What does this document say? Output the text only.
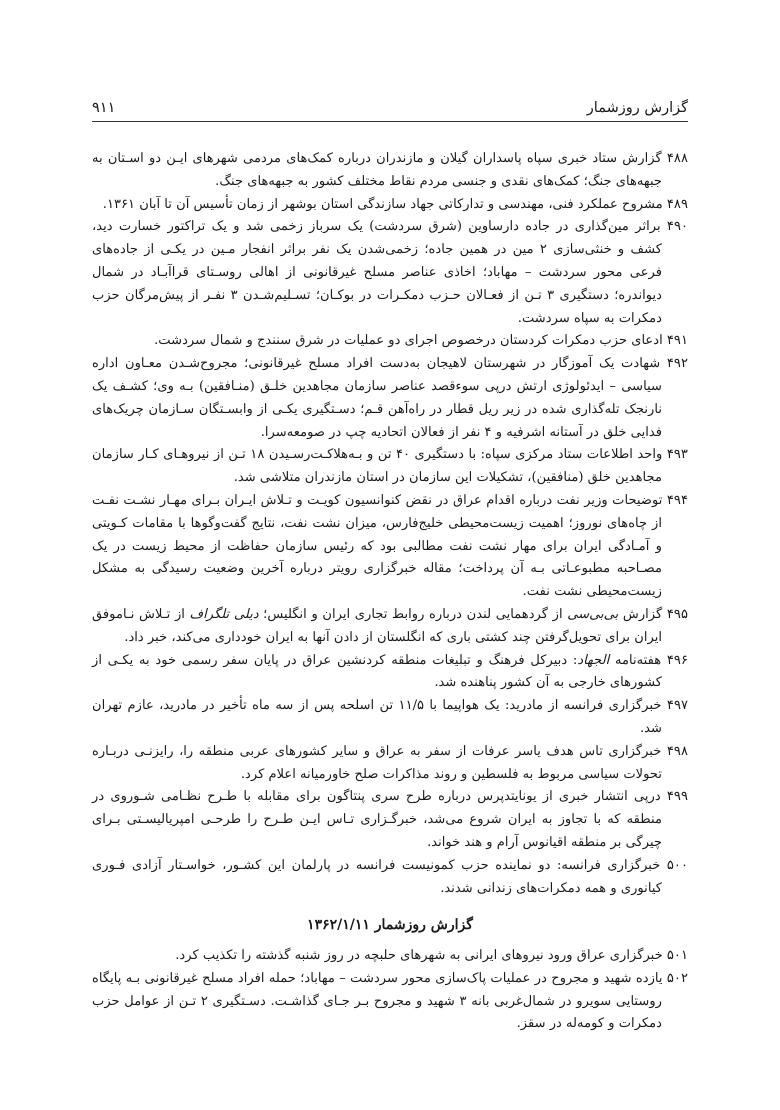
گزارش روزشمار
۹۱۱

۴۸۸ گزارش ستاد خبری سپاه پاسداران گیلان و مازندران درباره کمک‌های مردمی شهرهای ایـن دو اسـتان به جبهه‌های جنگ؛ کمک‌های نقدی و جنسی مردم نقاط مختلف کشور به جبهه‌های جنگ.

۴۸۹ مشروح عملکرد فنی، مهندسی و تدارکاتی جهاد سازندگی استان بوشهر از زمان تأسیس آن تا آبان ۱۳۶۱.

۴۹۰ براثر مین‌گذاری در جاده دارساوین (شرق سردشت) یک سرباز زخمی شد و یک تراکتور خسارت دید، کشف و خنثی‌سازی ۲ مین در همین جاده؛ زخمی‌شدن یک نفر براثر انفجار مـین در یکـی از جاده‌های فرعی محور سردشت – مهاباد؛ اخاذی عناصر مسلح غیرقانونی از اهالی روسـتای قراآبـاد در شمال دیواندره؛ دستگیری ۳ تـن از فعـالان حـزب دمکـرات در بوکـان؛ تسـلیم‌شـدن ۳ نفـر از پیش‌مرگان حزب دمکرات به سپاه سردشت.

۴۹۱ ادعای حزب دمکرات کردستان درخصوص اجرای دو عملیات در شرق سنندج و شمال سردشت.

۴۹۲ شهادت یک آموزگار در شهرستان لاهیجان به‌دست افراد مسلح غیرقانونی؛ مجروح‌شـدن معـاون اداره سیاسی – ایدئولوژی ارتش درپی سوءقصد عناصر سازمان مجاهدین خلـق (منـافقین) بـه وی؛ کشـف یک نارنجک تله‌گذاری شده در زیر ریل قطار در راه‌آهن قـم؛ دسـتگیری یکـی از وابسـتگان سـازمان چریک‌های فدایی خلق در آستانه اشرفیه و ۴ نفر از فعالان اتحادیه چپ در صومعه‌سرا.

۴۹۳ واحد اطلاعات ستاد مرکزی سپاه: با دستگیری ۴۰ تن و بـه‌هلاکـت‌رسـیدن ۱۸ تـن از نیروهـای کـار سازمان مجاهدین خلق (منافقین)، تشکیلات این سازمان در استان مازندران متلاشی شد.

۴۹۴ توضیحات وزیر نفت درباره اقدام عراق در نقض کنوانسیون کویـت و تـلاش ایـران بـرای مهـار نشـت نفـت از چاه‌های نوروز؛ اهمیت زیست‌محیطی خلیج‌فارس، میزان نشت نفت، نتایج گفت‌وگوها با مقامات کـویتی و آمـادگی ایران برای مهار نشت نفت مطالبی بود که رئیس سازمان حفاظت از محیط زیست در یک مصـاحبه مطبوعـاتی بـه آن پرداخت؛ مقاله خبرگزاری رویتر درباره آخرین وضعیت رسیدگی به مشکل زیست‌محیطی نشت نفت.

۴۹۵ گزارش بی‌بی‌سی از گردهمایی لندن درباره روابط تجاری ایران و انگلیس؛ دیلی تلگراف از تـلاش نـاموفق ایران برای تحویل‌گرفتن چند کشتی باری که انگلستان از دادن آنها به ایران خودداری می‌کند، خبر داد.

۴۹۶ هفته‌نامه الجهاد: دبیرکل فرهنگ و تبلیغات منطقه کردنشین عراق در پایان سفر رسمی خود به یکـی از کشورهای خارجی به آن کشور پناهنده شد.

۴۹۷ خبرگزاری فرانسه از مادرید: یک هواپیما با ۱۱/۵ تن اسلحه پس از سه ماه تأخیر در مادرید، عازم تهران شد.

۴۹۸ خبرگزاری تاس هدف یاسر عرفات از سفر به عراق و سایر کشورهای عربی منطقه را، رایزنـی دربـاره تحولات سیاسی مربوط به فلسطین و روند مذاکرات صلح خاورمیانه اعلام کرد.

۴۹۹ درپی انتشار خبری از یونایتدپرس درباره طرح سری پنتاگون برای مقابله با طـرح نظـامی شـوروی در منطقه که با تجاوز به ایران شروع می‌شد، خبرگـزاری تـاس ایـن طـرح را طرحـی امپریالیسـتی بـرای چیرگی بر منطقه اقیانوس آرام و هند خواند.

۵۰۰ خبرگزاری فرانسه: دو نماینده حزب کمونیست فرانسه در پارلمان این کشـور، خواسـتار آزادی فـوری کیانوری و همه دمکرات‌های زندانی شدند.

گزارش روزشمار ۱۳۶۲/۱/۱۱

۵۰۱ خبرگزاری عراق ورود نیروهای ایرانی به شهرهای حلبچه در روز شنبه گذشته را تکذیب کرد.

۵۰۲ یازده شهید و مجروح در عملیات پاک‌سازی محور سردشت – مهاباد؛ حمله افراد مسلح غیرقانونی بـه پایگاه روستایی سویرو در شمال‌غربی بانه ۳ شهید و مجروح بـر جـای گذاشـت. دسـتگیری ۲ تـن از عوامل حزب دمکرات و کومه‌له در سقز.
